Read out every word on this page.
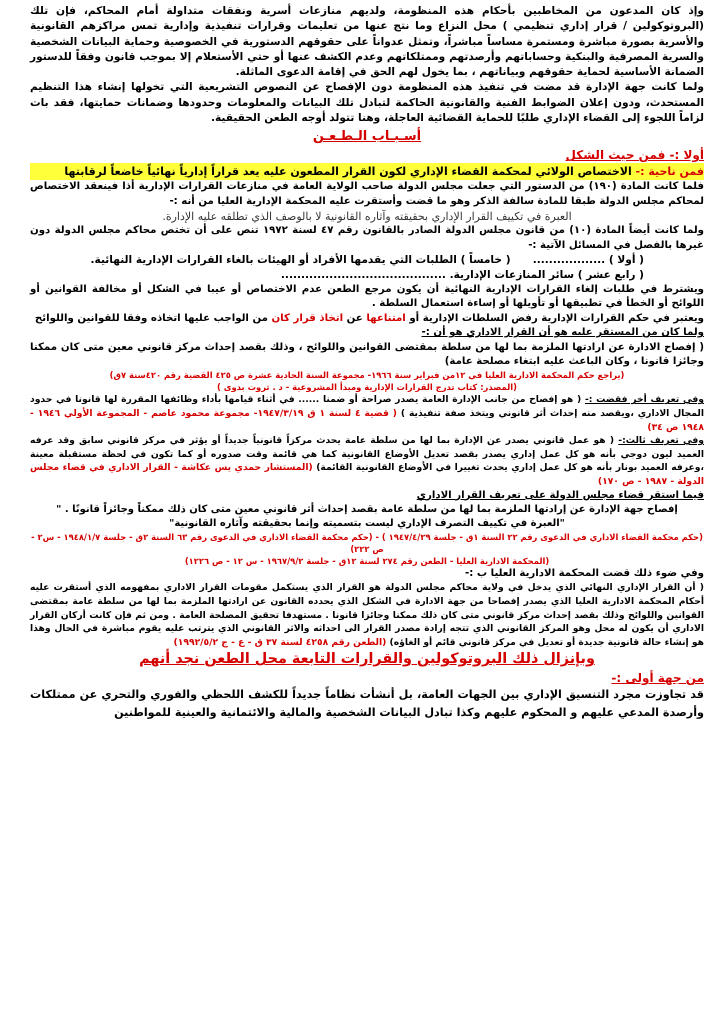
وإذ كان المدعون من المخاطبين بأحكام هذه المنظومة، ولديهم منازعات أسرية ونفقات متداولة أمام المحاكم، فإن تلك (البروتوكولين / قرار إداري تنظيمي ) محل النزاع وما نتج عنها من تعليمات وقرارات تنفيذية وإدارية تمس مراكزهم القانونية والأسرية بصورة مباشرة ومستمرة مساساً مباشراً، وتمثل عدواناً على حقوقهم الدستورية في الخصوصية وحماية البيانات الشخصية والسرية المصرفية والبنكية وحساباتهم وأرصدتهم وممتلكاتهم وعدم الكشف عنها أو حتي الأستعلام إلا بموجب قانون وفقاً للدستور الضمانة الأساسية لحماية حقوقهم وبياناتهم ، بما يخول لهم الحق في إقامة الدعوى الماثلة.

ولما كانت جهة الإدارة قد مضت في تنفيذ هذه المنظومة دون الإفصاح عن النصوص التشريعية التي تخولها إنشاء هذا التنظيم المستحدث، ودون إعلان الضوابط الفنية والقانونية الحاكمة لتبادل تلك البيانات والمعلومات وحدودها وضمانات حمايتها، فقد بات لزاماً اللجوء إلى القضاء الإداري طلبًا للحماية القضائية العاجلة، وهنا تتولد أوجه الطعن الحقيقية.

أسـبـاب الـطـعـن
أولا :- فمن حيث الشكل

فمن ناحية :- الاختصاص الولائي لمحكمة القضاء الإداري لكون القرار المطعون عليه يعد قراراً إدارياً نهائياً خاضعاً لرقابتها

فلما كانت المادة (١٩٠) من الدستور التي جعلت مجلس الدولة صاحب الولاية العامة في منازعات القرارات الإدارية أذا فينعقد الاختصاص لمحاكم مجلس الدولة طبقا للمادة سالفة الذكر وهو ما قضت وأستقرت عليه المحكمة الإدارية العليا من أنه :-

العبرة في تكييف القرار الإداري بحقيقته وآثاره القانونية لا بالوصف الذي تطلقه عليه الإدارة.

ولما كانت أيضاً المادة (١٠) من قانون مجلس الدولة الصادر بالقانون رقم ٤٧ لسنة ١٩٧٢ تنص على أن تختص محاكم مجلس الدولة دون غيرها بالفصل في المسائل الآتية :-

( أولا ) ..................      ( خامساً ) الطلبات التي يقدمها الأفراد أو الهيئات بالغاء القرارات الإدارية النهائية.

( رابع عشر ) سائر المنازعات الإدارية. .........................................

ويشترط في طلبات إلغاء القرارات الإدارية النهائية أن يكون مرجع الطعن عدم الاختصاص أو عيبا في الشكل أو مخالفة القوانين أو اللوائح أو الخطأ في تطبيقها أو تأويلها أو إساءة استعمال السلطة .

ويعتبر في حكم القرارات الإدارية رفض السلطات الإدارية أو امتناعها عن اتخاذ قرار كان من الواجب عليها اتخاذه وفقا للقوانين واللوائح

ولما كان من المستقر عليه هو أن القرار الاداري هو أن :-

( إفصاح الادارة عن ارادتها الملزمة بما لها من سلطة بمقتضى القوانين واللوائح ، وذلك بقصد إحداث مركز قانوني معين متى كان ممكنا وجائزا قانونا ، وكان الباعث عليه ابتغاء مصلحة عامة)

(يراجع حكم المحكمة الادارية العليا في ١٢من فبراير سنة ١٩٦٦- مجموعة السنة الحادية عشرة ص ٤٢٥ القضية رقم ٤٢٠سنة ٧ق)

(المصدر: كتاب تدرج القرارات الإدارية ومبدأ المشروعية - د . ثروت بدوى )

وفي تعريف أخر فقضت :- ( هو إفصاح من جانب الإدارة العامة يصدر صراحة أو ضمنا ...... في أثناء قيامها بأداء وظائفها المقررة لها قانونا في حدود المجال الاداري ،ويقصد منه إحداث أثر قانوني ويتخذ صفة تنفيذية ) ( قضية ٤ لسنة ١ ق ١٩٤٧/٣/١٩- مجموعة محمود عاصم - المجموعة الأولي ١٩٤٦ - ١٩٤٨ ص ٣٤)

وفي تعريف ثالث:- ( هو عمل قانوني يصدر عن الإدارة بما لها من سلطة عامة يحدث مركزاً قانونياً جديداً أو يؤثر في مركز قانوني سابق وقد عرفه العميد ليون دوجي بأنه هو كل عمل إداري يصدر بقصد تعديل الأوضاع القانونية كما هي قائمة وقت صدوره أو كما تكون في لحظة مستقبلة معينة ،وعرفه العميد بونار بأنه هو كل عمل إداري يحدث تغييرا في الأوضاع القانونية القائمة) (المستشار حمدي يس عكاشة - القرار الاداري في قضاء مجلس الدولة - ١٩٨٧ - ص ١٧٠)

فيما استقر قضاء مجلس الدولة على تعريف القرار الاداري

إفصاح جهة الإدارة عن إرادتها الملزمة بما لها من سلطة عامة بقصد إحداث أثر قانوني معين متى كان ذلك ممكناً وجائزاً قانونًا . "

"العبرة في تكييف التصرف الإداري ليست بتسميته وإنما بحقيقته وآثاره القانونية"

(حكم محكمة القضاء الاداري في الدعوى رقم ٢٢ السنة ١ق - جلسة ١٩٤٧/٤/٢٩ ) - (حكم محكمة القضاء الاداري في الدعوى رقم ٦٣ السنة ٢ق - جلسة ١٩٤٨/١/٧ - س٢ - ص ٢٢٢)

(المحكمة الادارية العليا - الطعن رقم ٢٧٤ لسنة ١٢ق - جلسة ١٩٦٧/٩/٢ - س ١٢ - ص ١٢٢٦)

وفي ضوء ذلك قضت المحكمة الادارية العليا ب :-

( أن القرار الإداري النهائي الذي يدخل في ولاية محاكم مجلس الدولة هو القرار الذي يستكمل مقومات القرار الاداري بمفهومه الذي أستقرت عليه أحكام المحكمة الادارية العليا الذي يصدر إفصاحا من جهة الادارة في الشكل الذي يحدده القانون عن ارادتها الملزمة بما لها من سلطة عامة بمقتضى القوانين واللوائح وذلك بقصد إحداث مركز قانوني متى كان ذلك ممكنا وجائزا قانونا . مستهدفا تحقيق المصلحة العامة . ومن ثم فإن كانت أركان القرار الاداري أن يكون له محل وهو المركز القانوني الذي تتجه إرادة مصدر القرار الى احداثه والاثر القانوني الذي يترتب عليه يقوم مباشرة في الحال وهذا هو إنشاء حالة قانونية جديدة أو تعديل في مركز قانوني قائم أو الغاؤه) (الطعن رقم ٤٢٥٨ لسنة ٣٧ ق - ع - ج ١٩٩٢/٥/٢)

وبإنزال ذلك البروتوكولين والقرارات التابعة محل الطعن نجد أنهم
من جهة أولى :-

قد تجاوزت مجرد التنسيق الإداري بين الجهات العامة، بل أنشأت نظاماً جديداً للكشف اللحظي والفوري والتحري عن ممتلكات وأرصدة المدعي عليهم و المحكوم عليهم وكذا تبادل البيانات الشخصية والمالية والائتمانية والعينية للمواطنين
